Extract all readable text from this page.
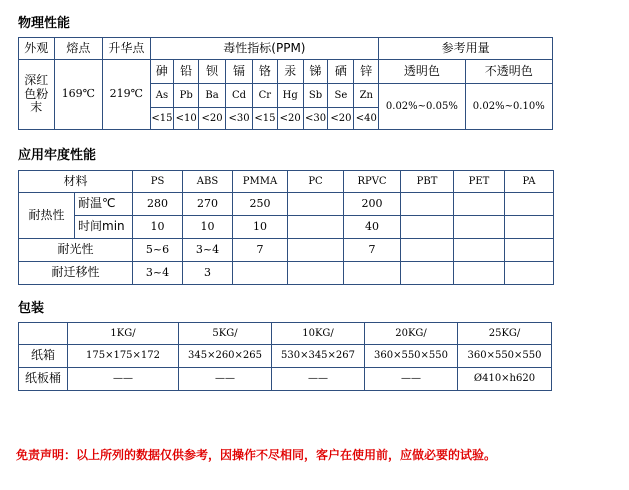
物理性能
外观	熔点	升华点	毒性指标(PPM)									参考用量	
深红色粉末	169℃	219℃	砷	铅	钡	镉	铬	汞	锑	硒	锌	透明色	不透明色
			As	Pb	Ba	Cd	Cr	Hg	Sb	Se	Zn	0.02%~0.05%	0.02%~0.10%
			<15	<10	<20	<30	<15	<20	<30	<20	<40		
应用牢度性能
材料		PS	ABS	PMMA	PC	RPVC	PBT	PET	PA
耐热性	耐温℃	280	270	250		200			
	时间min	10	10	10		40			
耐光性		5~6	3~4	7		7			
耐迁移性		3~4	3						
包装
	1KG/	5KG/	10KG/	20KG/	25KG/
纸箱	175×175×172	345×260×265	530×345×267	360×550×550	360×550×550
纸板桶	——	——	——	——	Ø410×h620
免责声明：以上所列的数据仅供参考，因操作不尽相同，客户在使用前，应做必要的试验。
